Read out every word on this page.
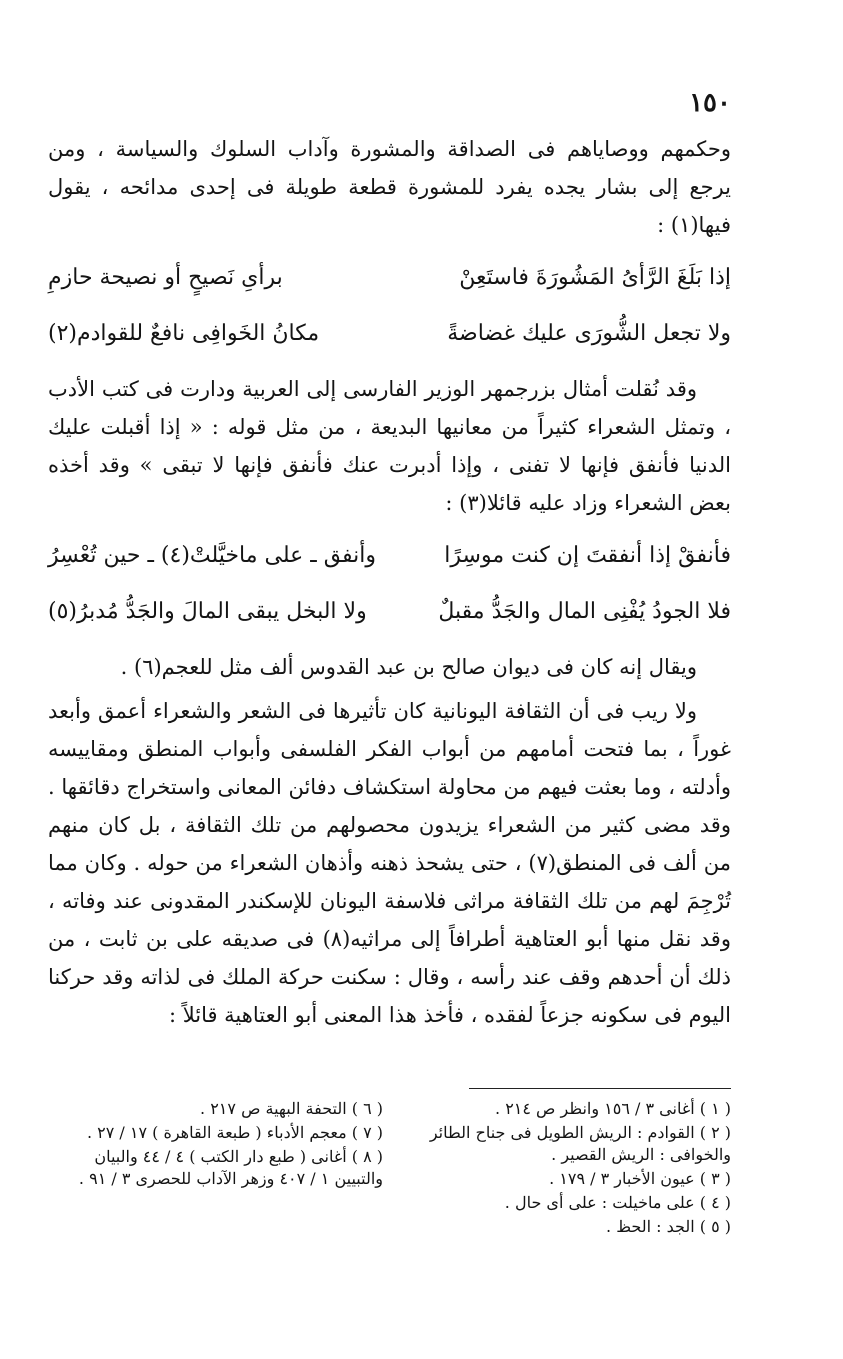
١٥٠

وحكمهم ووصاياهم فى الصداقة والمشورة وآداب السلوك والسياسة ، ومن يرجع إلى بشار يجده يفرد للمشورة قطعة طويلة فى إحدى مدائحه ، يقول فيها(١) :

إذا بَلَغَ الرَّأىُ المَشُورَةَ فاستَعِنْ
برأىِ نَصيحٍ أو نصيحة حازمِ
ولا تجعل الشُّورَى عليك غضاضةً
مكانُ الخَوافِى نافعٌ للقوادم(٢)

وقد نُقلت أمثال بزرجمهر الوزير الفارسى إلى العربية ودارت فى كتب الأدب ، وتمثل الشعراء كثيراً من معانيها البديعة ، من مثل قوله : « إذا أقبلت عليك الدنيا فأنفق فإنها لا تفنى ، وإذا أدبرت عنك فأنفق فإنها لا تبقى » وقد أخذه بعض الشعراء وزاد عليه قائلا(٣) :

فأنفقْ إذا أنفقتَ إن كنت موسِرًا
وأنفق ـ على ماخيَّلتْ(٤) ـ حين تُعْسِرُ
فلا الجودُ يُفْنِى المال والجَدُّ مقبلٌ
ولا البخل يبقى المالَ والجَدُّ مُدبرُ(٥)

ويقال إنه كان فى ديوان صالح بن عبد القدوس ألف مثل للعجم(٦) .

ولا ريب فى أن الثقافة اليونانية كان تأثيرها فى الشعر والشعراء أعمق وأبعد غوراً ، بما فتحت أمامهم من أبواب الفكر الفلسفى وأبواب المنطق ومقاييسه وأدلته ، وما بعثت فيهم من محاولة استكشاف دفائن المعانى واستخراج دقائقها . وقد مضى كثير من الشعراء يزيدون محصولهم من تلك الثقافة ، بل كان منهم من ألف فى المنطق(٧) ، حتى يشحذ ذهنه وأذهان الشعراء من حوله . وكان مما تُرْجِمَ لهم من تلك الثقافة مراثى فلاسفة اليونان للإسكندر المقدونى عند وفاته ، وقد نقل منها أبو العتاهية أطرافاً إلى مراثيه(٨) فى صديقه على بن ثابت ، من ذلك أن أحدهم وقف عند رأسه ، وقال : سكنت حركة الملك فى لذاته وقد حركنا اليوم فى سكونه جزعاً لفقده ، فأخذ هذا المعنى أبو العتاهية قائلاً :

( ١ ) أغانى ٣ / ١٥٦ وانظر ص ٢١٤ .

( ٢ ) القوادم : الريش الطويل فى جناح الطائر والخوافى : الريش القصير .

( ٣ ) عيون الأخبار ٣ / ١٧٩ .

( ٤ ) على ماخيلت : على أى حال .

( ٥ ) الجد : الحظ .

( ٦ ) التحفة البهية ص ٢١٧ .

( ٧ ) معجم الأدباء ( طبعة القاهرة ) ١٧ / ٢٧ .

( ٨ ) أغانى ( طبع دار الكتب ) ٤ / ٤٤ والبيان والتبيين ١ / ٤٠٧ وزهر الآداب للحصرى ٣ / ٩١ .
